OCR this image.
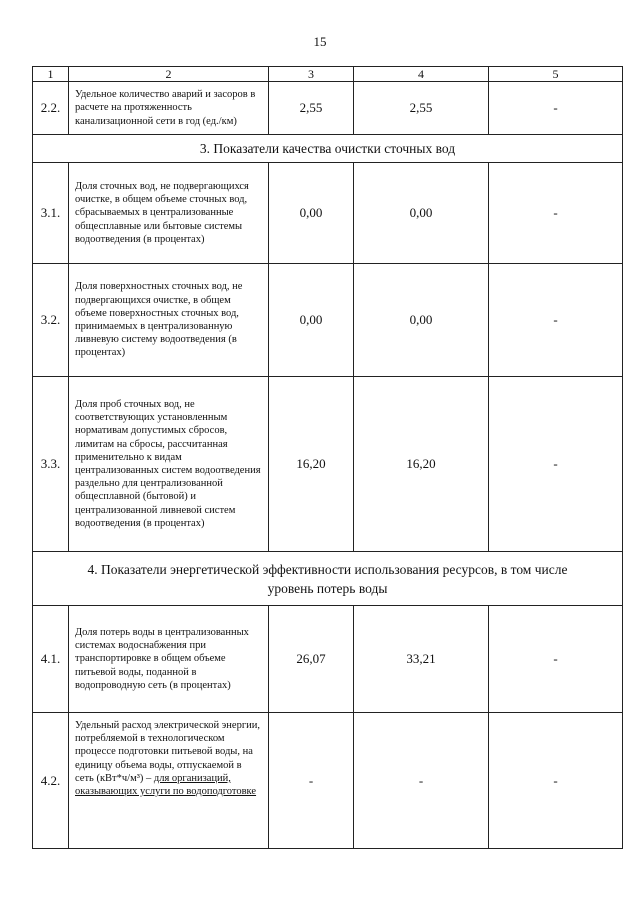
15
1	2	3	4	5
2.2.	Удельное количество аварий и засоров в расчете на протяженность канализационной сети в год (ед./км)	2,55	2,55	-
3. Показатели качества очистки сточных вод				
3.1.	Доля сточных вод, не подвергающихся очистке, в общем объеме сточных вод, сбрасываемых в централизованные общесплавные или бытовые системы водоотведения (в процентах)	0,00	0,00	-
3.2.	Доля поверхностных сточных вод, не подвергающихся очистке, в общем объеме поверхностных сточных вод, принимаемых в централизованную ливневую систему водоотведения (в процентах)	0,00	0,00	-
3.3.	Доля проб сточных вод, не соответствующих установленным нормативам допустимых сбросов, лимитам на сбросы, рассчитанная применительно к видам централизованных систем водоотведения раздельно для централизованной общесплавной (бытовой) и централизованной ливневой систем водоотведения (в процентах)	16,20	16,20	-

4. Показатели энергетической эффективности использования ресурсов, в том числе
уровень потерь воды				

4.1.	Доля потерь воды в централизованных системах водоснабжения при транспортировке в общем объеме питьевой воды, поданной в водопроводную сеть (в процентах)	26,07	33,21	-
4.2.	Удельный расход электрической энергии, потребляемой в технологическом процессе подготовки питьевой воды, на единицу объема воды, отпускаемой в сеть (кВт*ч/м³) – для организаций, оказывающих услуги по водоподготовке	-	-	-
